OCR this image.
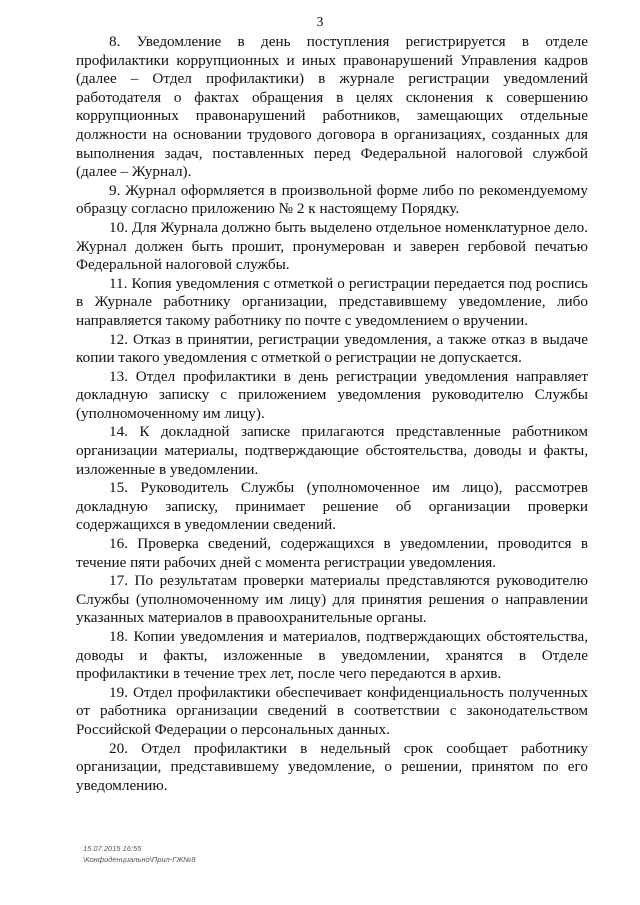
3

8. Уведомление в день поступления регистрируется в отделе профилактики коррупционных и иных правонарушений Управления кадров (далее – Отдел профилактики) в журнале регистрации уведомлений работодателя о фактах обращения в целях склонения к совершению коррупционных правонарушений работников, замещающих отдельные должности на основании трудового договора в организациях, созданных для выполнения задач, поставленных перед Федеральной налоговой службой (далее – Журнал).

9. Журнал оформляется в произвольной форме либо по рекомендуемому образцу согласно приложению № 2 к настоящему Порядку.

10. Для Журнала должно быть выделено отдельное номенклатурное дело. Журнал должен быть прошит, пронумерован и заверен гербовой печатью Федеральной налоговой службы.

11. Копия уведомления с отметкой о регистрации передается под роспись в Журнале работнику организации, представившему уведомление, либо направляется такому работнику по почте с уведомлением о вручении.

12. Отказ в принятии, регистрации уведомления, а также отказ в выдаче копии такого уведомления с отметкой о регистрации не допускается.

13. Отдел профилактики в день регистрации уведомления направляет докладную записку с приложением уведомления руководителю Службы (уполномоченному им лицу).

14. К докладной записке прилагаются представленные работником организации материалы, подтверждающие обстоятельства, доводы и факты, изложенные в уведомлении.

15. Руководитель Службы (уполномоченное им лицо), рассмотрев докладную записку, принимает решение об организации проверки содержащихся в уведомлении сведений.

16. Проверка сведений, содержащихся в уведомлении, проводится в течение пяти рабочих дней с момента регистрации уведомления.

17. По результатам проверки материалы представляются руководителю Службы (уполномоченному им лицу) для принятия решения о направлении указанных материалов в правоохранительные органы.

18. Копии уведомления и материалов, подтверждающих обстоятельства, доводы и факты, изложенные в уведомлении, хранятся в Отделе профилактики в течение трех лет, после чего передаются в архив.

19. Отдел профилактики обеспечивает конфиденциальность полученных от работника организации сведений в соответствии с законодательством Российской Федерации о персональных данных.

20. Отдел профилактики в недельный срок сообщает работнику организации, представившему уведомление, о решении, принятом по его уведомлению.

15.07.2015 16:55
\Конфиденциально\Прил-ГЖ№8
